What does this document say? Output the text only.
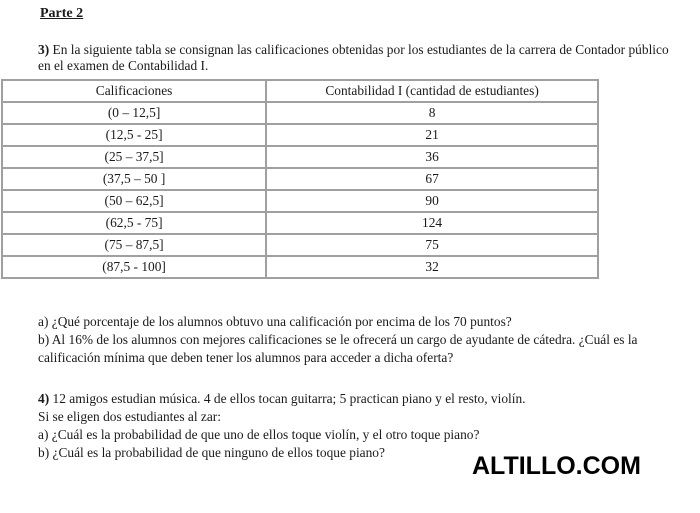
Parte 2

3) En la siguiente tabla se consignan las calificaciones obtenidas por los estudiantes de la carrera de Contador público en el examen de Contabilidad I.

Calificaciones	Contabilidad I (cantidad de estudiantes)
(0 – 12,5]	8
(12,5 - 25]	21
(25 – 37,5]	36
(37,5 – 50 ]	67
(50 – 62,5]	90
(62,5 - 75]	124
(75 – 87,5]	75
(87,5 - 100]	32

a) ¿Qué porcentaje de los alumnos obtuvo una calificación por encima de los 70 puntos?

b) Al 16% de los alumnos con mejores calificaciones se le ofrecerá un cargo de ayudante de cátedra. ¿Cuál es la calificación mínima que deben tener los alumnos para acceder a dicha oferta?

4) 12 amigos estudian música. 4 de ellos tocan guitarra; 5 practican piano y el resto, violín.

Si se eligen dos estudiantes al zar:

a) ¿Cuál es la probabilidad de que uno de ellos toque violín, y el otro toque piano?

b) ¿Cuál es la probabilidad de que ninguno de ellos toque piano?	ALTILLO.COM
